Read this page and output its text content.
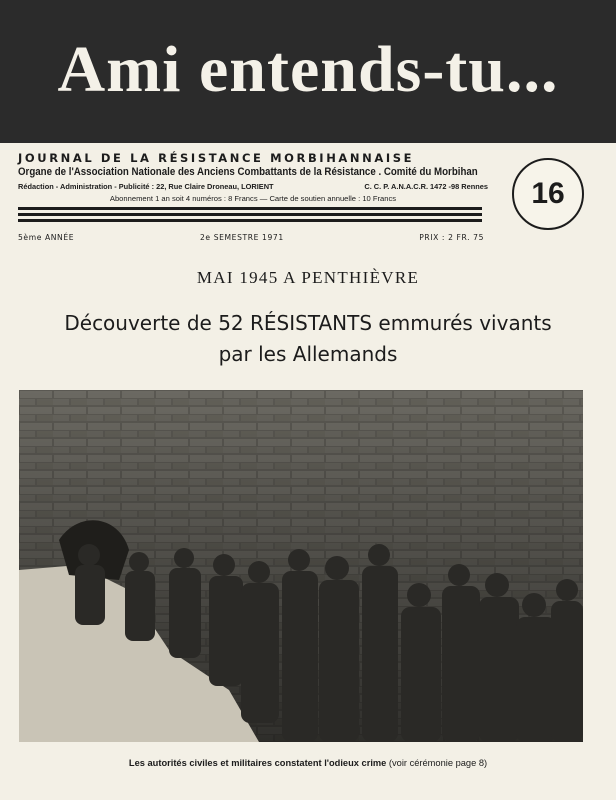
Ami entends-tu...
JOURNAL DE LA RÉSISTANCE MORBIHANNAISE
Organe de l'Association Nationale des Anciens Combattants de la Résistance . Comité du Morbihan
Rédaction - Administration - Publicité : 22, Rue Claire Droneau, LORIENT	C. C. P. A.N.A.C.R. 1472 -98 Rennes
Abonnement 1 an soit 4 numéros : 8 Francs — Carte de soutien annuelle : 10 Francs	16
5ème ANNÉE	2e SEMESTRE 1971	PRIX : 2 FR. 75
MAI 1945 A PENTHIÈVRE
Découverte de 52 RÉSISTANTS emmurés vivants
par les Allemands
Les autorités civiles et militaires constatent l'odieux crime (voir cérémonie page 8)
